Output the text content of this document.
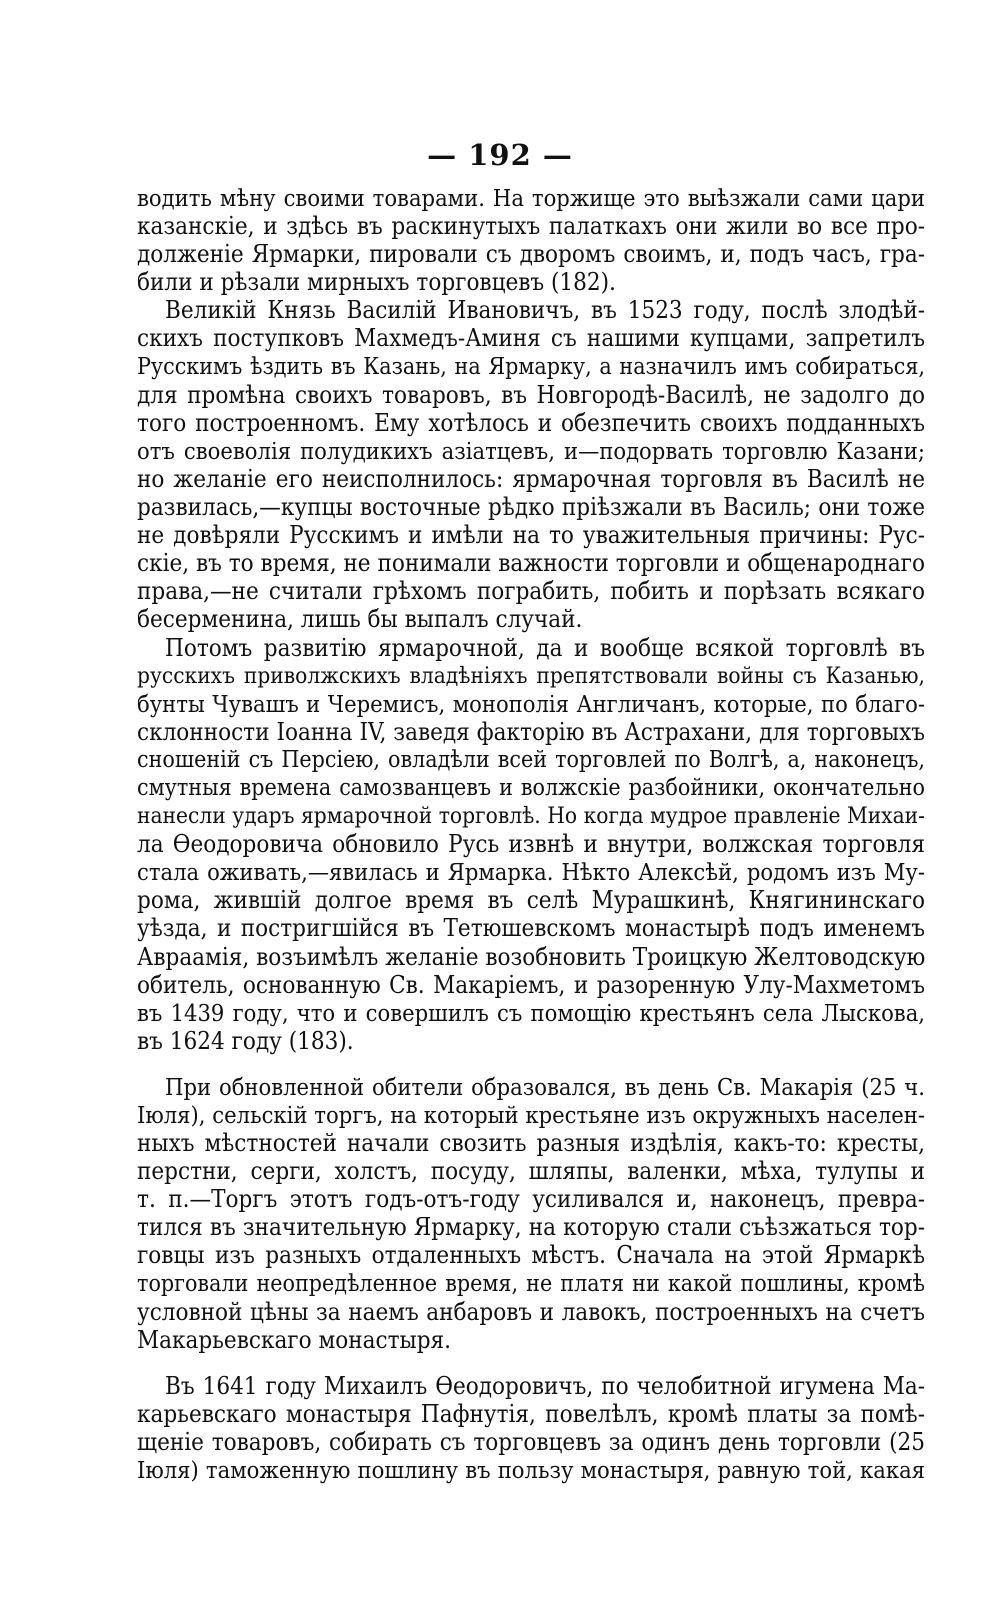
— 192 —
водить мѣну своими товарами. На торжище это выѣзжали сами цари
казанскіе, и здѣсь въ раскинутыхъ палаткахъ они жили во все про-
долженіе Ярмарки, пировали съ дворомъ своимъ, и, подъ часъ, гра-
били и рѣзали мирныхъ торговцевъ (182).
Великій Князь Василій Ивановичъ, въ 1523 году, послѣ злодѣй-
скихъ поступковъ Махмедъ-Аминя съ нашими купцами, запретилъ
Русскимъ ѣздить въ Казань, на Ярмарку, а назначилъ имъ собираться,
для промѣна своихъ товаровъ, въ Новгородѣ-Василѣ, не задолго до
того построенномъ. Ему хотѣлось и обезпечить своихъ подданныхъ
отъ своеволія полудикихъ азіатцевъ, и—подорвать торговлю Казани;
но желаніе его неисполнилось: ярмарочная торговля въ Василѣ не
развилась,—купцы восточные рѣдко пріѣзжали въ Василь; они тоже
не довѣряли Русскимъ и имѣли на то уважительныя причины: Рус-
скіе, въ то время, не понимали важности торговли и общенароднаго
права,—не считали грѣхомъ пограбить, побить и порѣзать всякаго
бесерменина, лишь бы выпалъ случай.
Потомъ развитію ярмарочной, да и вообще всякой торговлѣ въ
русскихъ приволжскихъ владѣніяхъ препятствовали войны съ Казанью,
бунты Чувашъ и Черемисъ, монополія Англичанъ, которые, по благо-
склонности Іоанна IV, заведя факторію въ Астрахани, для торговыхъ
сношеній съ Персіею, овладѣли всей торговлей по Волгѣ, а, наконецъ,
смутныя времена самозванцевъ и волжскіе разбойники, окончательно
нанесли ударъ ярмарочной торговлѣ. Но когда мудрое правленіе Михаи-
ла Ѳеодоровича обновило Русь извнѣ и внутри, волжская торговля
стала оживать,—явилась и Ярмарка. Нѣкто Алексѣй, родомъ изъ Му-
рома, жившій долгое время въ селѣ Мурашкинѣ, Княгининскаго
уѣзда, и постригшійся въ Тетюшевскомъ монастырѣ подъ именемъ
Авраамія, возъимѣлъ желаніе возобновить Троицкую Желтоводскую
обитель, основанную Св. Макаріемъ, и разоренную Улу-Махметомъ
въ 1439 году, что и совершилъ съ помощію крестьянъ села Лыскова,
въ 1624 году (183).
При обновленной обители образовался, въ день Св. Макарія (25 ч.
Іюля), сельскій торгъ, на который крестьяне изъ окружныхъ населен-
ныхъ мѣстностей начали свозить разныя издѣлія, какъ-то: кресты,
перстни, серги, холстъ, посуду, шляпы, валенки, мѣха, тулупы и
т. п.—Торгъ этотъ годъ-отъ-году усиливался и, наконецъ, преврa-
тился въ значительную Ярмарку, на которую стали съѣзжаться тор-
говцы изъ разныхъ отдаленныхъ мѣстъ. Сначала на этой Ярмаркѣ
торговали неопредѣленное время, не платя ни какой пошлины, кромѣ
условной цѣны за наемъ анбаровъ и лавокъ, построенныхъ на счетъ
Макарьевскаго монастыря.
Въ 1641 году Михаилъ Ѳеодоровичъ, по челобитной игумена Ма-
карьевскаго монастыря Пафнутія, повелѣлъ, кромѣ платы за помѣ-
щеніе товаровъ, собирать съ торговцевъ за одинъ день торговли (25
Іюля) таможенную пошлину въ пользу монастыря, равную той, какая
